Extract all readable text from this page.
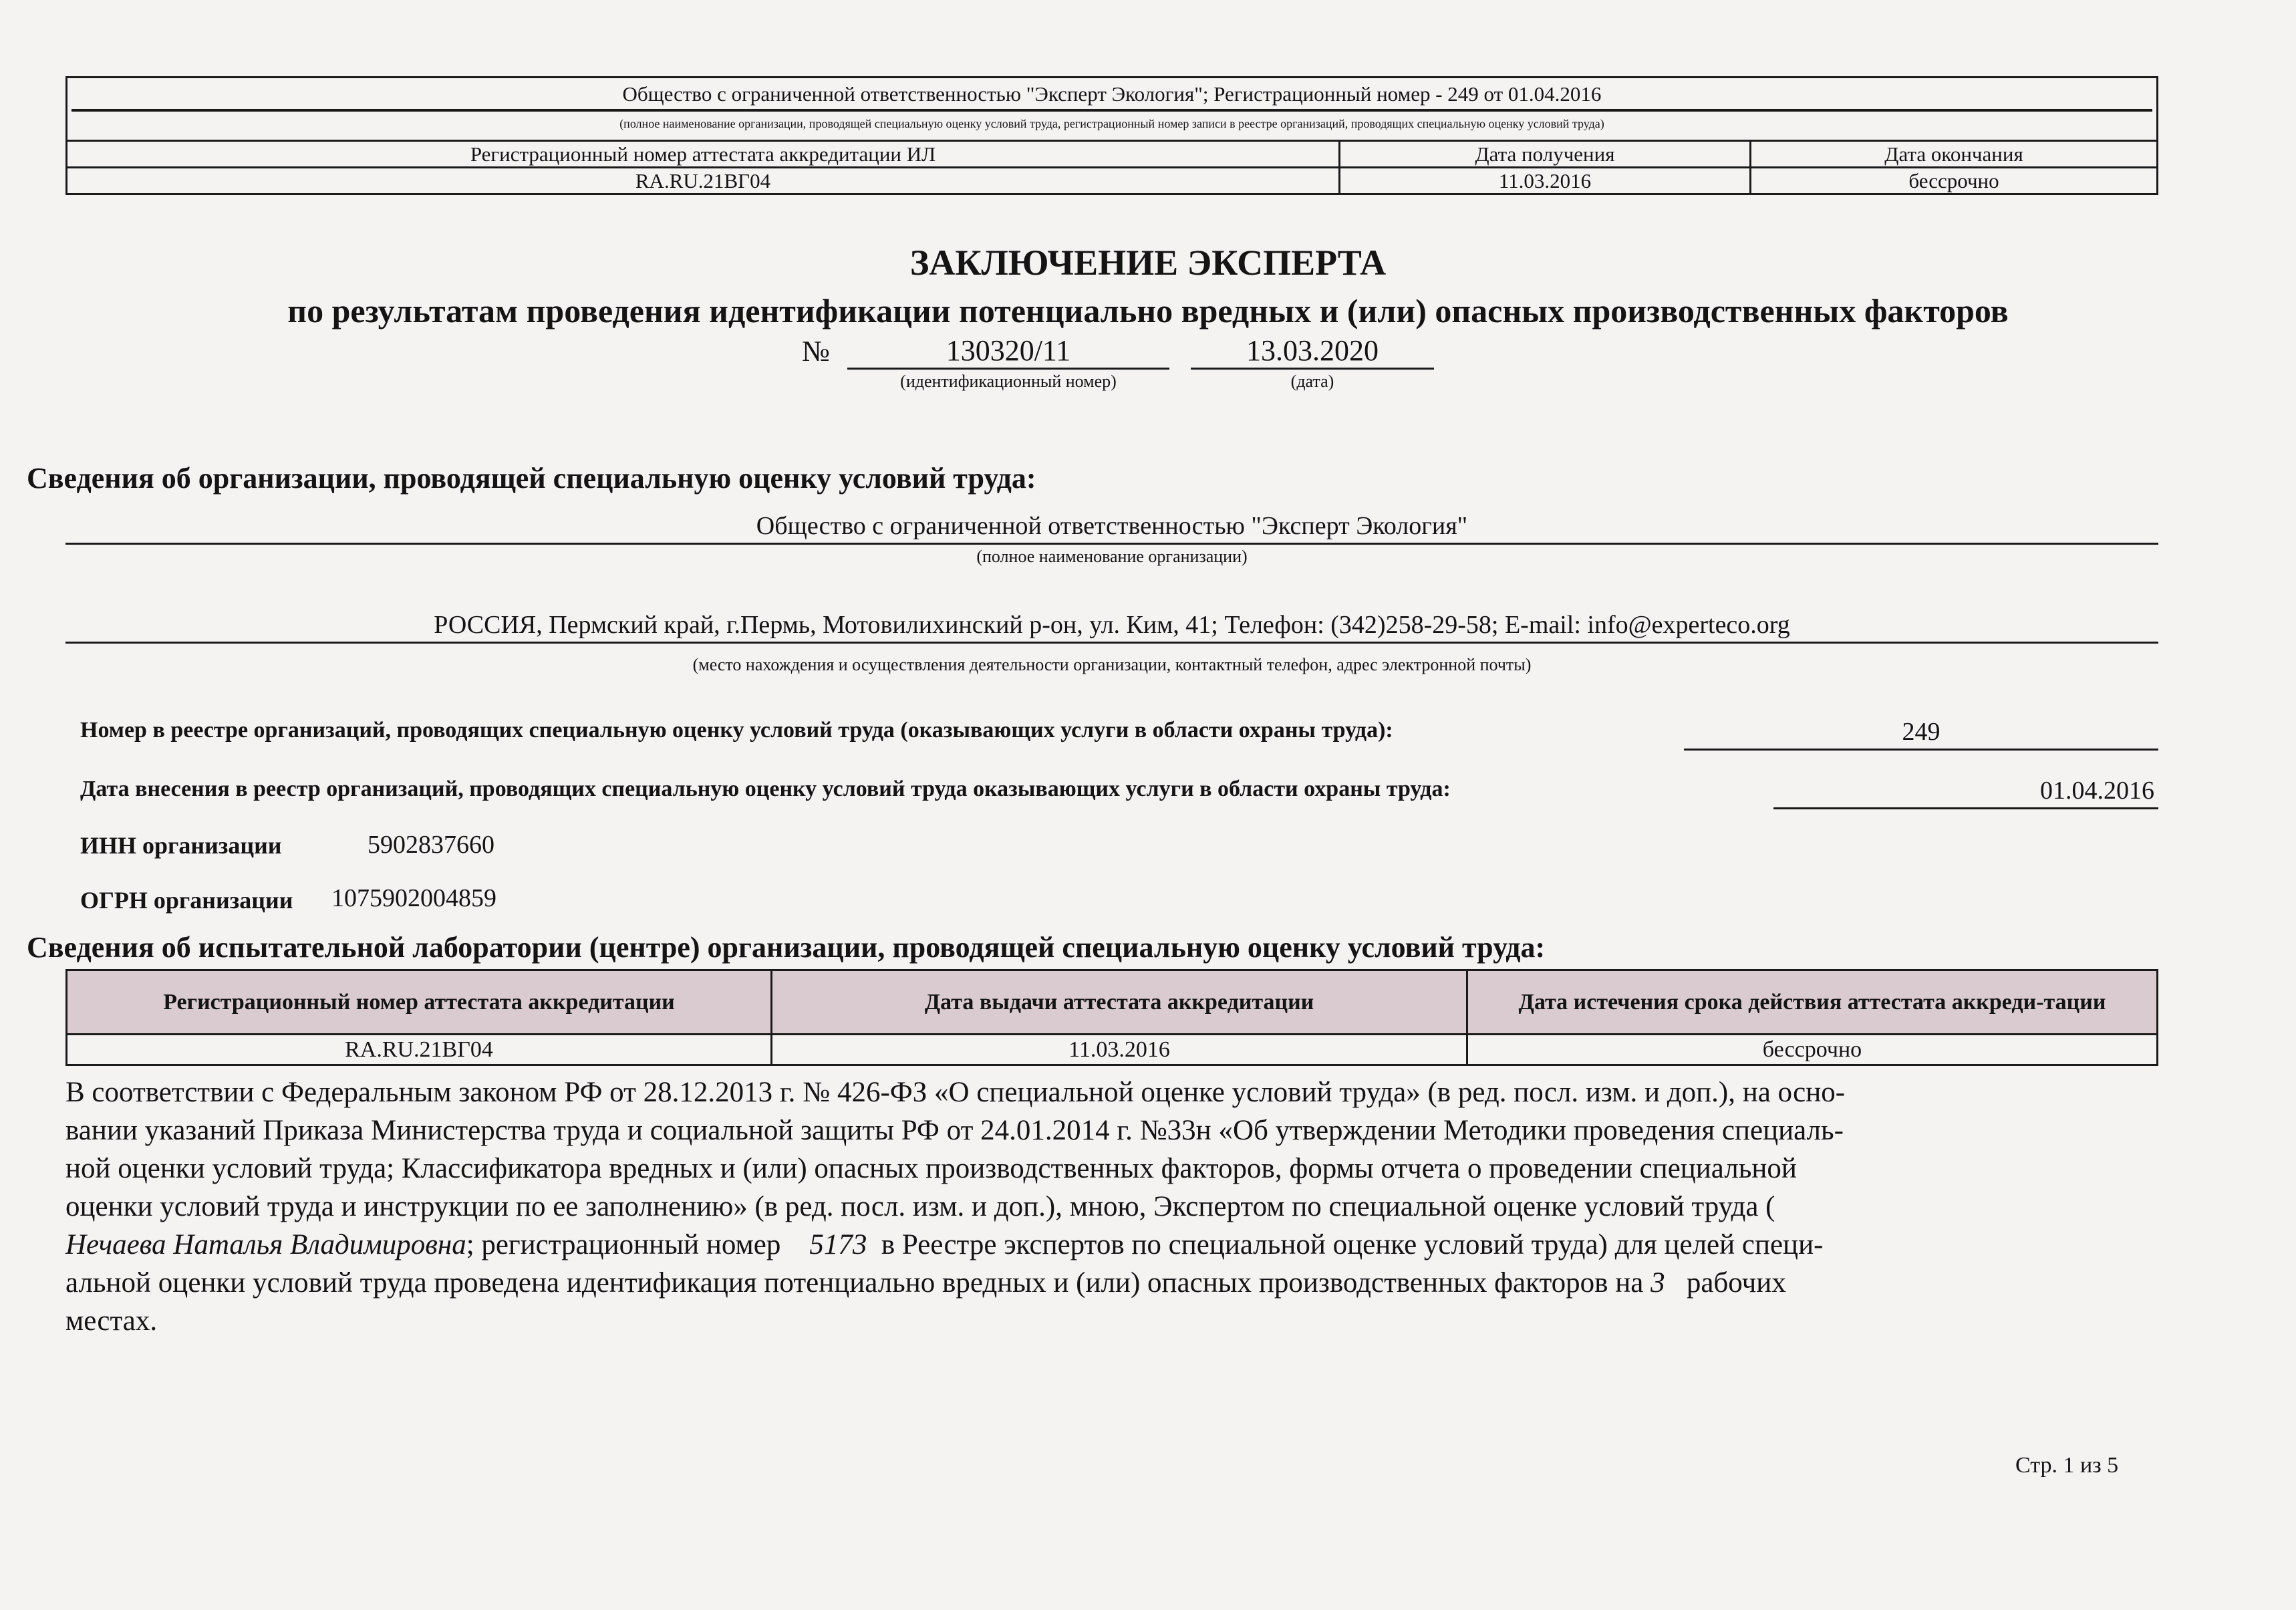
Общество с ограниченной ответственностью "Эксперт Экология"; Регистрационный номер - 249 от 01.04.2016
(полное наименование организации, проводящей специальную оценку условий труда, регистрационный номер записи в реестре организаций, проводящих специальную оценку условий труда)		

Регистрационный номер аттестата аккредитации ИЛ	Дата получения	Дата окончания
RA.RU.21ВГ04	11.03.2016	бессрочно
ЗАКЛЮЧЕНИЕ ЭКСПЕРТА
по результатам проведения идентификации потенциально вредных и (или) опасных производственных факторов
№	130320/11	13.03.2020
(идентификационный номер)	(дата)
Сведения об организации, проводящей специальную оценку условий труда:
Общество с ограниченной ответственностью "Эксперт Экология"
(полное наименование организации)
РОССИЯ, Пермский край, г.Пермь, Мотовилихинский р-он, ул. Ким, 41; Телефон: (342)258-29-58; E-mail: info@experteco.org
(место нахождения и осуществления деятельности организации, контактный телефон, адрес электронной почты)
Номер в реестре организаций, проводящих специальную оценку условий труда (оказывающих услуги в области охраны труда):	249
Дата внесения в реестр организаций, проводящих специальную оценку условий труда оказывающих услуги в области охраны труда:	01.04.2016
ИНН организации	5902837660
ОГРН организации 1075902004859
Сведения об испытательной лаборатории (центре) организации, проводящей специальную оценку условий труда:
Регистрационный номер аттестата аккредитации	Дата выдачи аттестата аккредитации	Дата истечения срока действия аттестата аккреди-тации
RA.RU.21ВГ04	11.03.2016	бессрочно
В соответствии с Федеральным законом РФ от 28.12.2013 г. № 426-ФЗ «О специальной оценке условий труда» (в ред. посл. изм. и доп.), на осно-
вании указаний Приказа Министерства труда и социальной защиты РФ от 24.01.2014 г. №33н «Об утверждении Методики проведения специаль-
ной оценки условий труда; Классификатора вредных и (или) опасных производственных факторов, формы отчета о проведении специальной
оценки условий труда и инструкции по ее заполнению» (в ред. посл. изм. и доп.), мною, Экспертом по специальной оценке условий труда (
Нечаева Наталья Владимировна; регистрационный номер 5173 в Реестре экспертов по специальной оценке условий труда) для целей специ-
альной оценки условий труда проведена идентификация потенциально вредных и (или) опасных производственных факторов на 3 рабочих
местах.
Стр. 1 из 5
